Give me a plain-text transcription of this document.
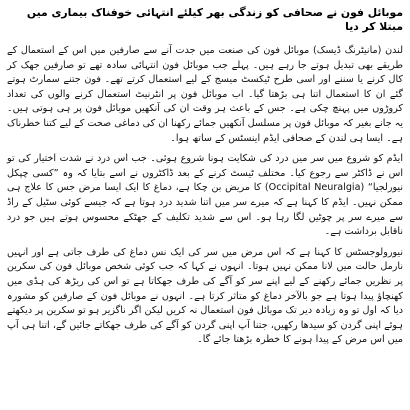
موبائل فون نے صحافی کو زندگی بھر کیلئے انتہائی خوفناک بیماری میں مبتلا کر دیا

لندن (مانیٹرنگ ڈیسک) موبائل فون کی صنعت میں جدت آنے سے صارفین میں اس کے استعمال کے طریقے بھی تبدیل ہوتے جا رہے ہیں۔ پہلے جب موبائل فون انتہائی سادہ تھے تو صارفین جھک کر کال کرنے یا سننے اور اسی طرح ٹیکسٹ میسج کے لیے استعمال کرتے تھے۔ فون جتنے سمارٹ ہوتے گئے ان کا استعمال اتنا ہی بڑھتا گیا۔ اب موبائل فون پر انٹرنیٹ استعمال کرنے والوں کی تعداد کروڑوں میں پہنچ چکی ہے۔ جس کے باعث ہر وقت ان کی آنکھیں موبائل فون پر ہی ہوتی ہیں۔ یہ جانے بغیر کہ موبائل فون پر مسلسل آنکھیں جمائے رکھنا ان کی دماغی صحت کے لیے کتنا خطرناک ہے۔ ایسا ہی لندن کے صحافی ایڈم اینسٹس کے ساتھ ہوا۔

ایڈم کو شروع میں سر میں درد کی شکایت ہونا شروع ہوئی۔ جب اس درد نے شدت اختیار کی تو اس نے ڈاکٹر سے رجوع کیا۔ مختلف ٹیسٹ کرنے کے بعد ڈاکٹروں نے اسے بتایا کہ وہ ”کسی چپکل نیورلجیا“ (Occipital Neuralgia) کا مریض بن چکا ہے، دماغ کا ایک ایسا مرض جس کا علاج ہی ممکن نہیں۔ ایڈم کا کہنا ہے کہ میرے سر میں اتنا شدید درد ہوتا ہے کہ جیسے کوئی سٹیل کے راڈ سے میرے سر پر چوٹیں لگا رہا ہو۔ اس سے شدید تکلیف کے جھٹکے محسوس ہوتے ہیں جو درد ناقابل برداشت ہے۔

نیورولوجسٹس کا کہنا ہے کہ اس مرض میں سر کی ایک نس دماغ کی طرف جاتی ہے اور انہیں نارمل حالت میں لانا ممکن نہیں ہوتا۔ انہوں نے کہا کہ جب کوئی شخص موبائل فون کی سکرین پر نظریں جمائے رکھنے کے لیے اپنے سر کو آگے کی طرف جھکاتا ہے تو اس کی ریڑھ کی ہڈی میں کھنچاؤ پیدا ہوتا ہے جو بالآخر دماغ کو متاثر کرتا ہے۔ انہوں نے موبائل فون کے صارفین کو مشورہ دیا کہ اول تو وہ زیادہ دیر تک موبائل فون استعمال نہ کریں لیکن اگر ناگزیر ہو تو سکرین پر دیکھتے ہوئے اپنی گردن کو سیدھا رکھیں، جتنا آپ اپنی گردن کو آگے کی طرف جھکاتے جائیں گے، اتنا ہی آپ میں اس مرض کے پیدا ہونے کا خطرہ بڑھتا جائے گا۔
